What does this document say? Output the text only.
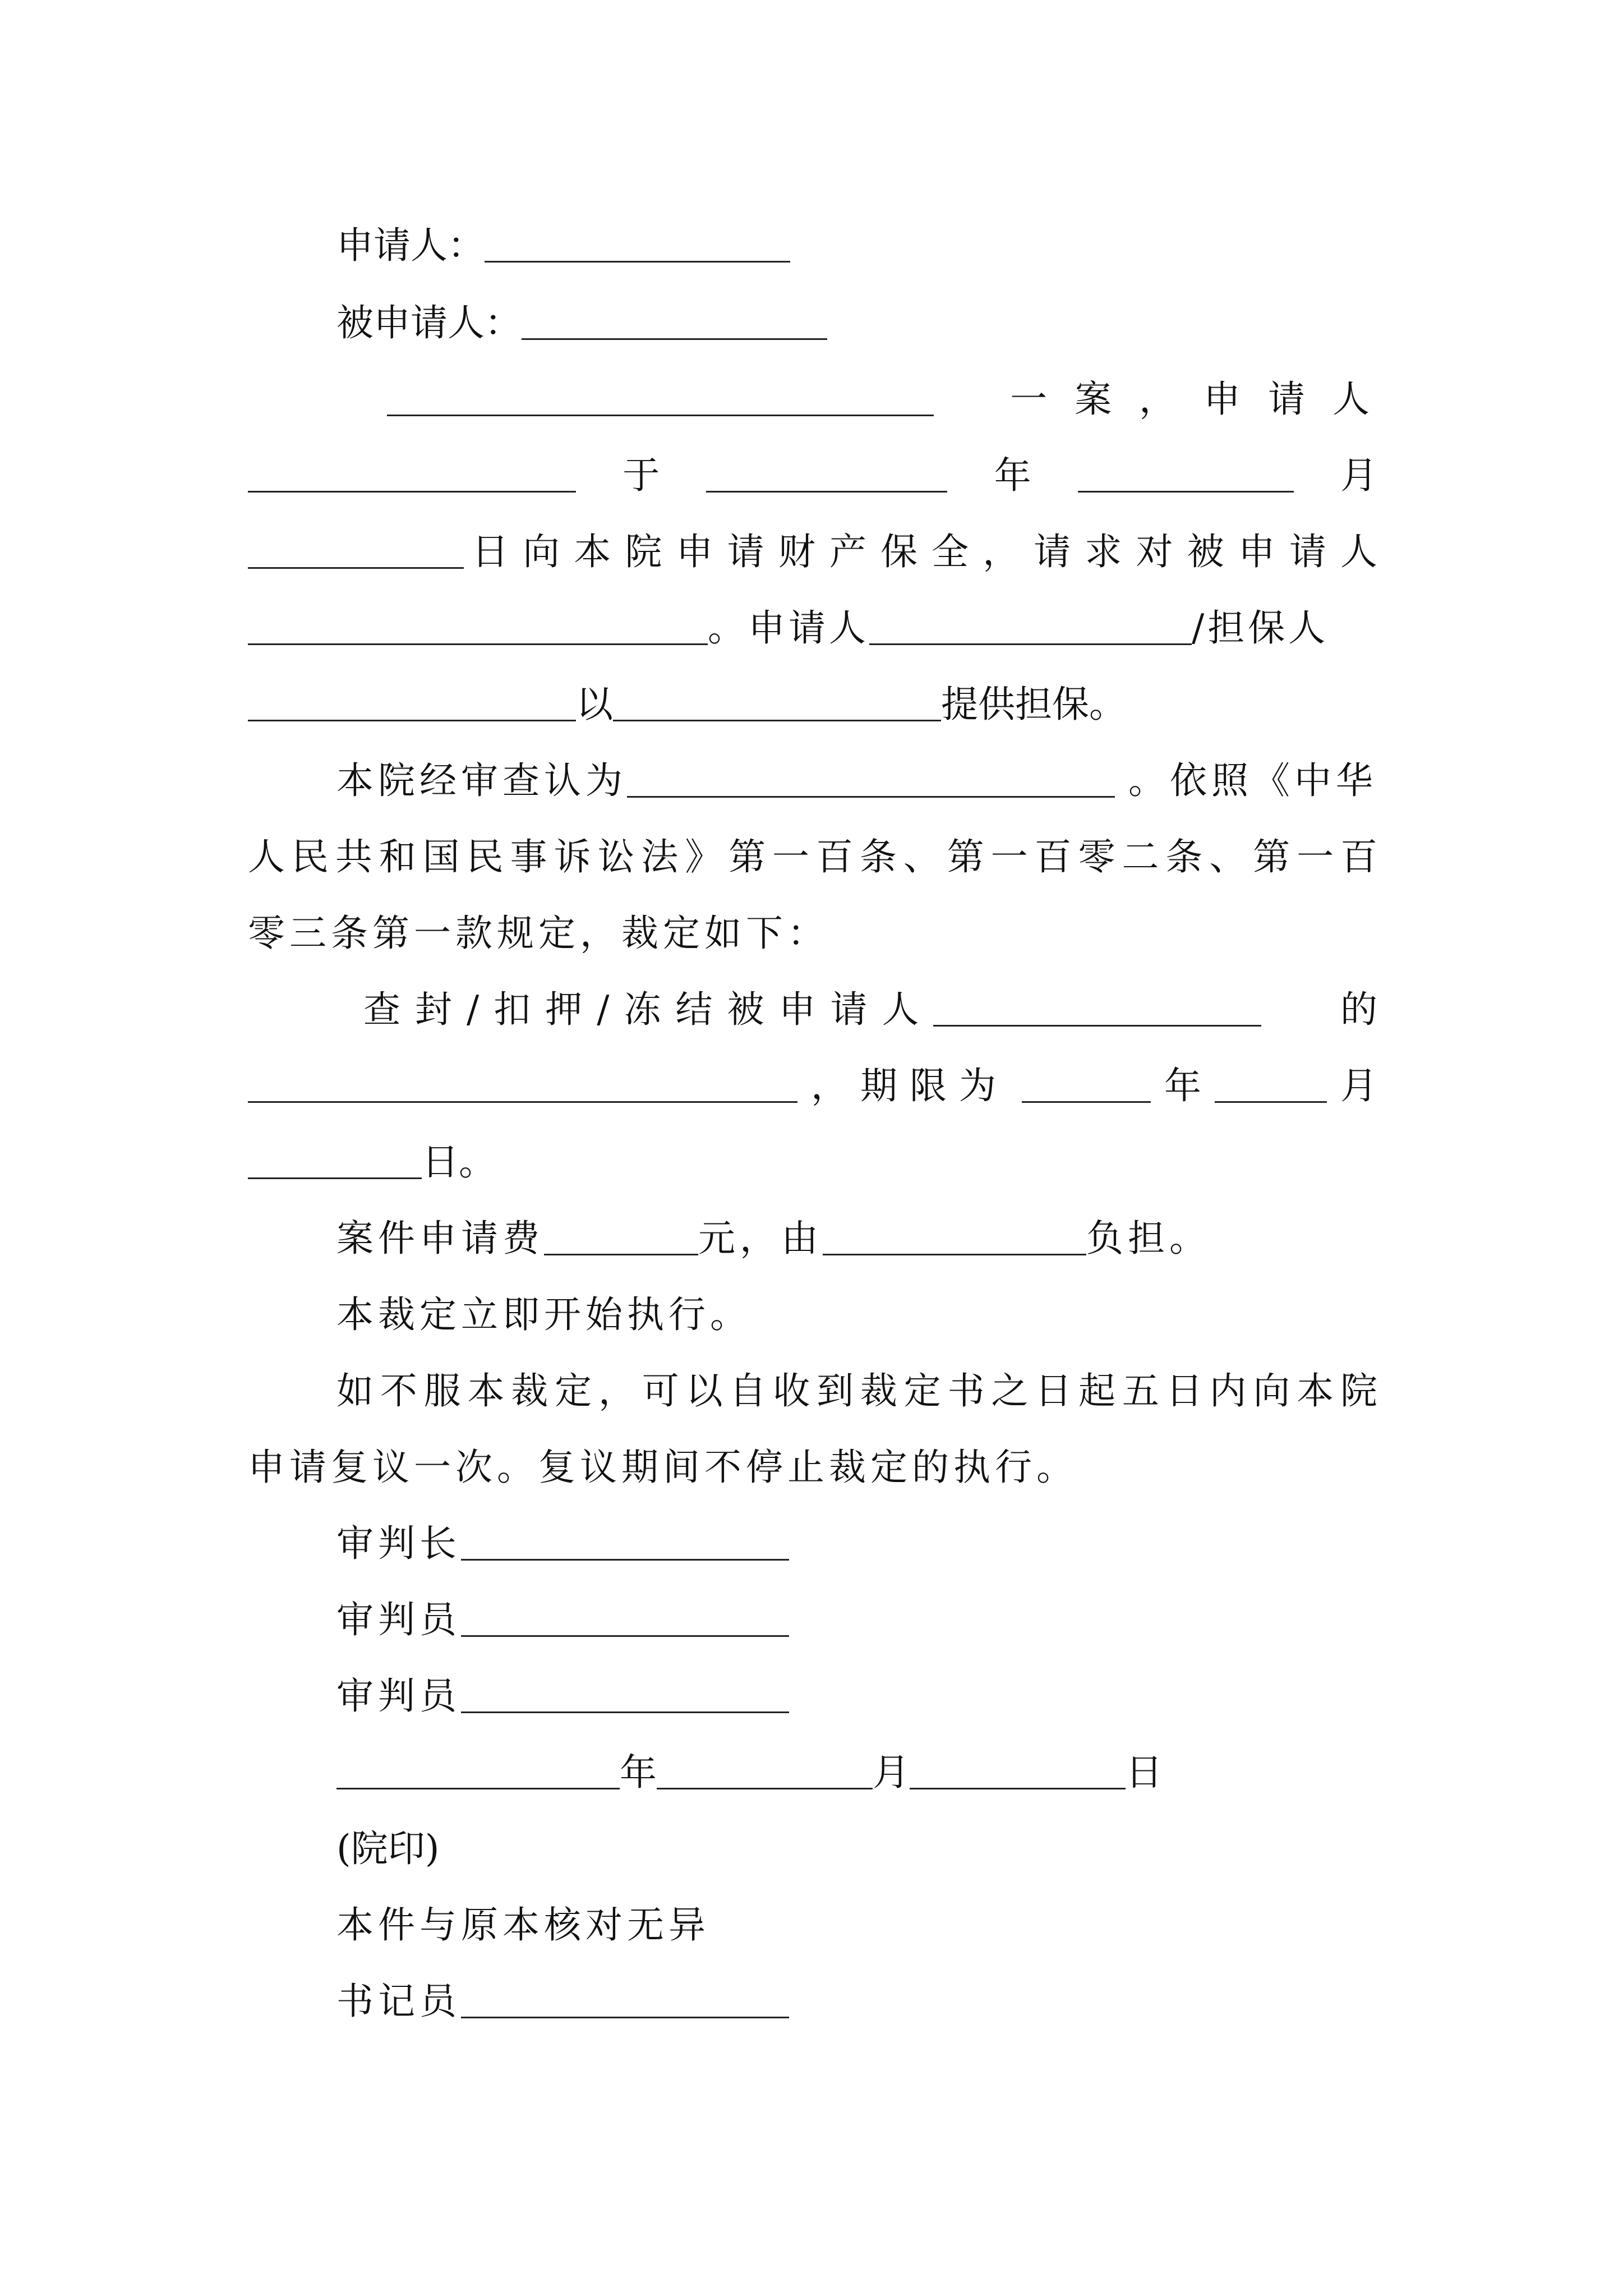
申请人：
被申请人：
一 案 ， 申 请 人
于	年	月
日向本院申请财产保全，请求对被申请人
。申请人	/担保人
以	提供担保。
本院经审查认为	。依照《中华
人民共和国民事诉讼法》第一百条、第一百零二条、第一百
零三条第一款规定，裁定如下：
查封/扣押/冻结被申请人	的
，期限为	年	月
日。
案件申请费	元，由	负担。
本裁定立即开始执行。
如不服本裁定，可以自收到裁定书之日起五日内向本院
申请复议一次。复议期间不停止裁定的执行。
审判长
审判员
审判员
年	月	日
(院印)
本件与原本核对无异
书记员
